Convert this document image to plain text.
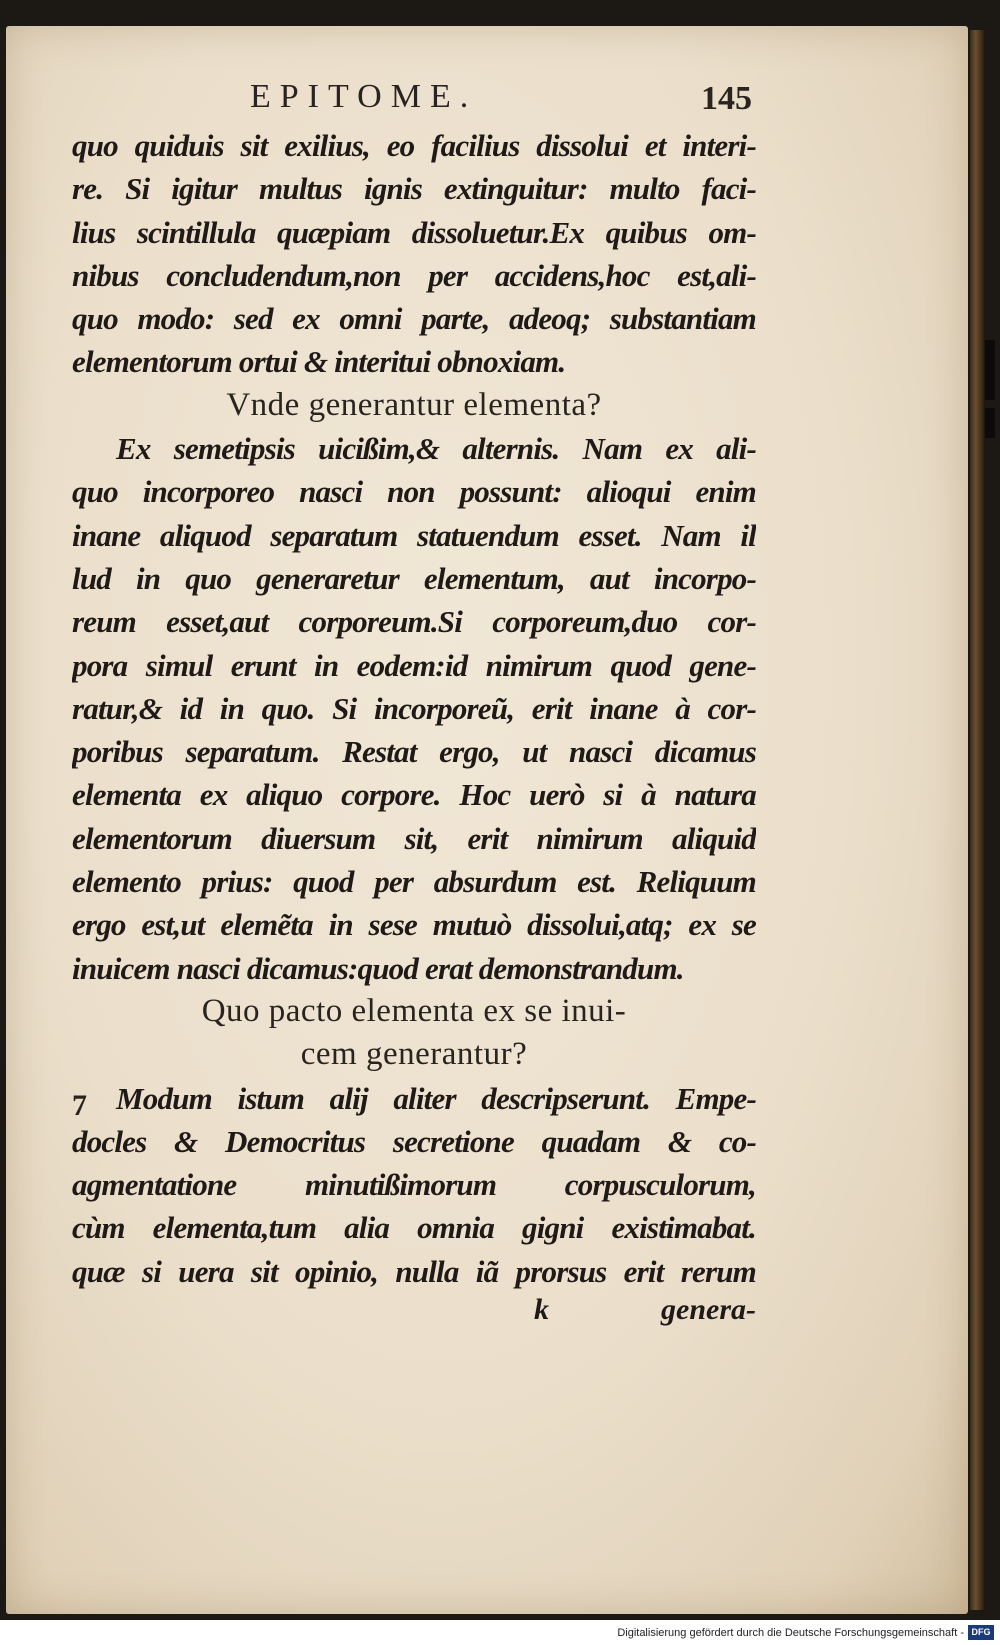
EPITOME.	145
7
quo quiduis sit exilius, eo facilius dissolui et interi-
re. Si igitur multus ignis extinguitur: multo faci-
lius scintillula quæpiam dissoluetur.Ex quibus om-
nibus concludendum,non per accidens,hoc est,ali-
quo modo: sed ex omni parte, adeoq; substantiam
elementorum ortui & interitui obnoxiam.
Vnde generantur elementa?
Ex semetipsis uicißim,& alternis. Nam ex ali-
quo incorporeo nasci non possunt: alioqui enim
inane aliquod separatum statuendum esset. Nam il
lud in quo generaretur elementum, aut incorpo-
reum esset,aut corporeum.Si corporeum,duo cor-
pora simul erunt in eodem:id nimirum quod gene-
ratur,& id in quo. Si incorporeũ, erit inane à cor-
poribus separatum. Restat ergo, ut nasci dicamus
elementa ex aliquo corpore. Hoc uerò si à natura
elementorum diuersum sit, erit nimirum aliquid
elemento prius: quod per absurdum est. Reliquum
ergo est,ut elemẽta in sese mutuò dissolui,atq; ex se
inuicem nasci dicamus:quod erat demonstrandum.
Quo pacto elementa ex se inui-
cem generantur?
Modum istum alij aliter descripserunt. Empe-
docles & Democritus secretione quadam & co-
agmentatione minutißimorum corpusculorum,
cùm elementa,tum alia omnia gigni existimabat.
quæ si uera sit opinio, nulla iã prorsus erit rerum
k	genera-
Digitalisierung gefördert durch die Deutsche Forschungsgemeinschaft - DFG
